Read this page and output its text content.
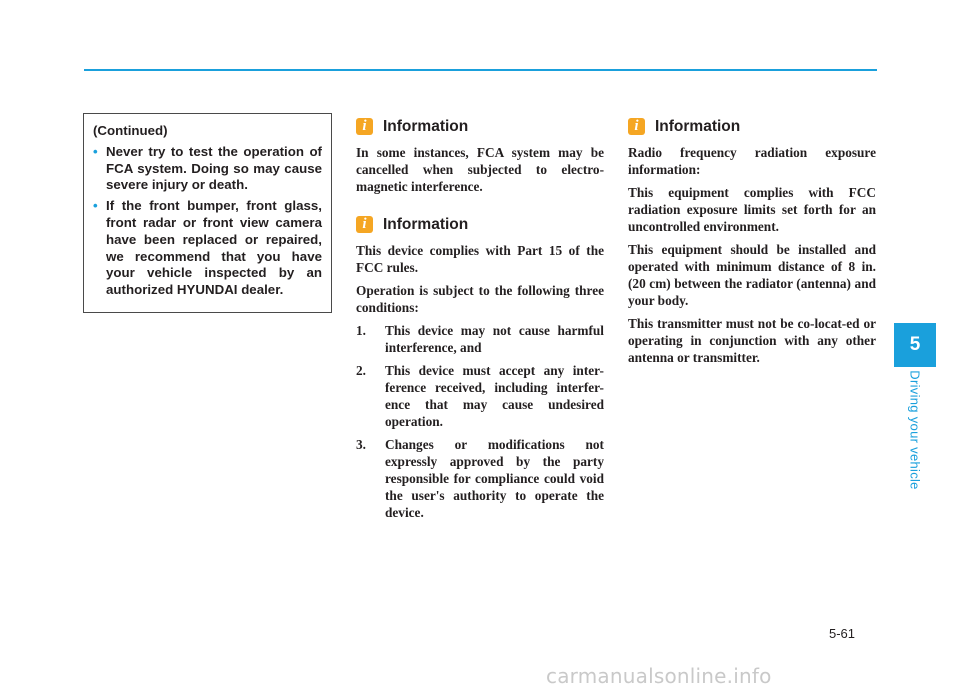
(Continued)
• Never try to test the operation of FCA system. Doing so may cause severe injury or death.
• If the front bumper, front glass, front radar or front view camera have been replaced or repaired, we recommend that you have your vehicle inspected by an authorized HYUNDAI dealer.
i	Information

In some instances, FCA system may be cancelled when subjected to electro-magnetic interference.

i	Information

This device complies with Part 15 of the FCC rules.

Operation is subject to the following three conditions:

1. This device may not cause harmful interference, and
2. This device must accept any inter-ference received, including interfer-ence that may cause undesired operation.
3. Changes or modifications not expressly approved by the party responsible for compliance could void the user's authority to operate the device.
i	Information

Radio frequency radiation exposure information:

This equipment complies with FCC radiation exposure limits set forth for an uncontrolled environment.

This equipment should be installed and operated with minimum distance of 8 in. (20 cm) between the radiator (antenna) and your body.

This transmitter must not be co-locat-ed or operating in conjunction with any other antenna or transmitter.

5
Driving your vehicle
5-61
carmanualsonline.info
